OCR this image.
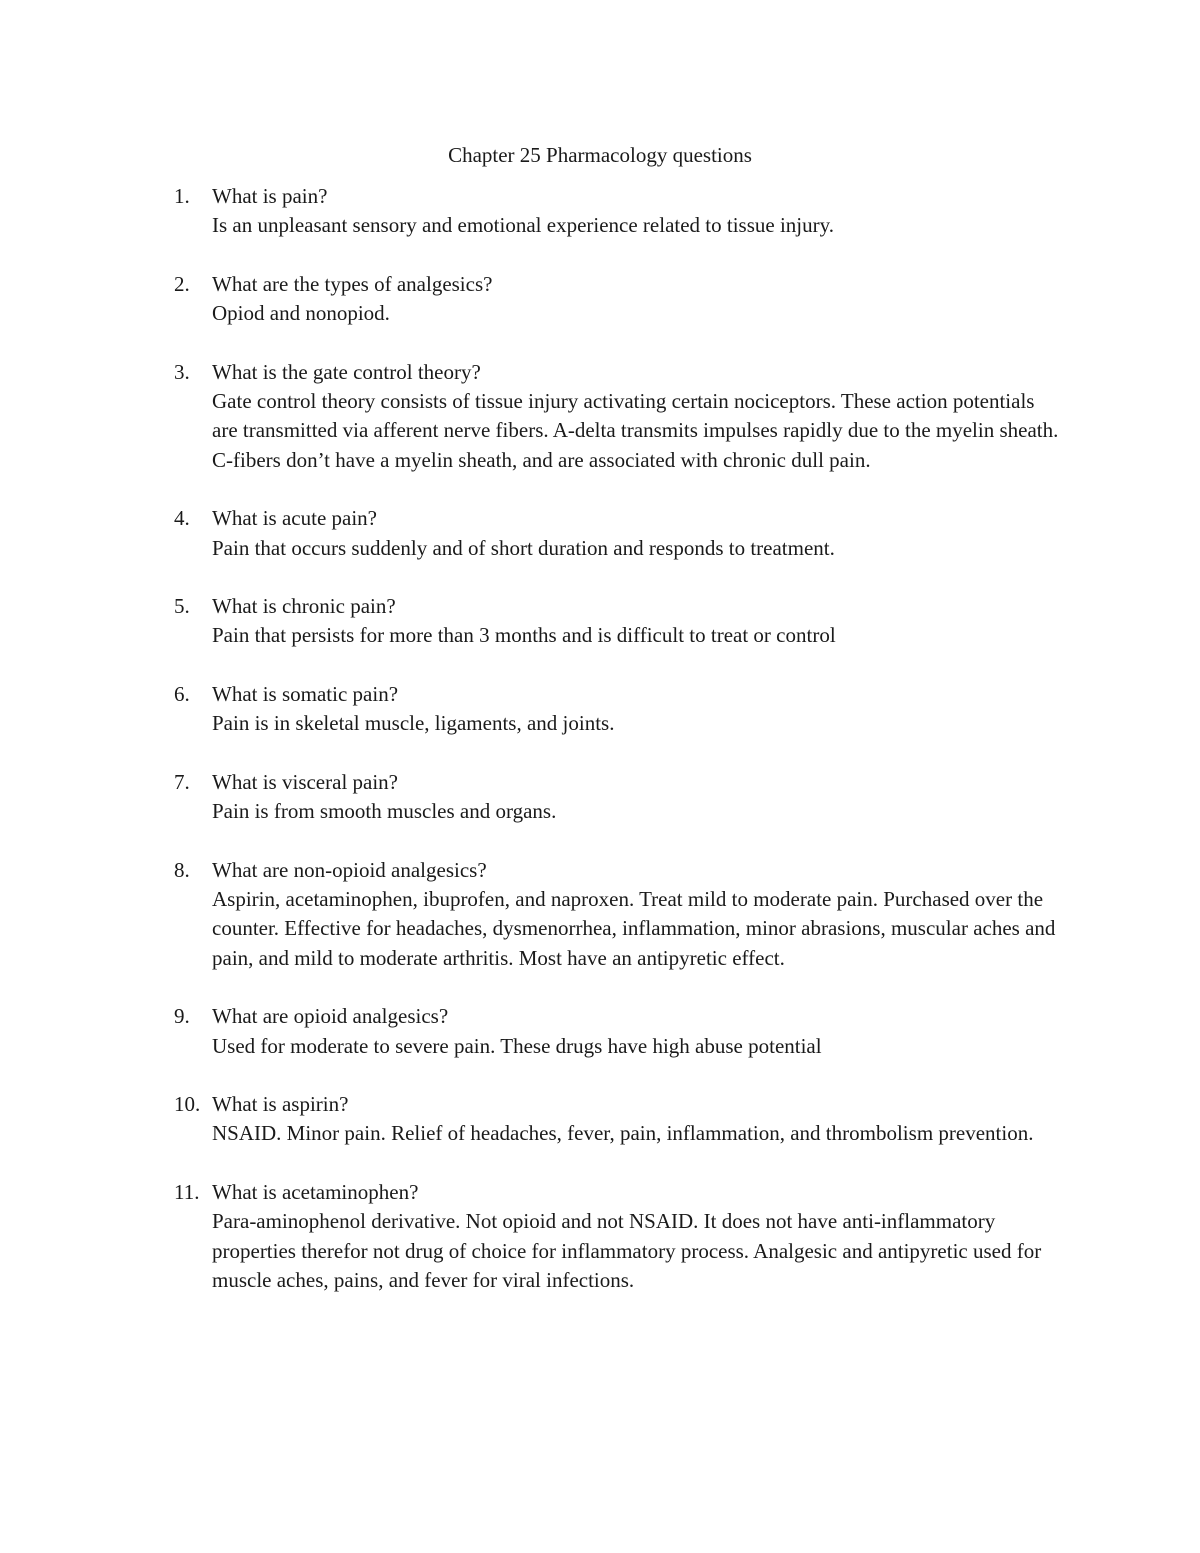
Chapter 25 Pharmacology questions
1. What is pain?
Is an unpleasant sensory and emotional experience related to tissue injury.
2. What are the types of analgesics?
Opiod and nonopiod.
3. What is the gate control theory?
Gate control theory consists of tissue injury activating certain nociceptors. These action potentials are transmitted via afferent nerve fibers. A-delta transmits impulses rapidly due to the myelin sheath. C-fibers don’t have a myelin sheath, and are associated with chronic dull pain.
4. What is acute pain?
Pain that occurs suddenly and of short duration and responds to treatment.
5. What is chronic pain?
Pain that persists for more than 3 months and is difficult to treat or control
6. What is somatic pain?
Pain is in skeletal muscle, ligaments, and joints.
7. What is visceral pain?
Pain is from smooth muscles and organs.
8. What are non-opioid analgesics?
Aspirin, acetaminophen, ibuprofen, and naproxen. Treat mild to moderate pain. Purchased over the counter. Effective for headaches, dysmenorrhea, inflammation, minor abrasions, muscular aches and pain, and mild to moderate arthritis. Most have an antipyretic effect.
9. What are opioid analgesics?
Used for moderate to severe pain. These drugs have high abuse potential
10. What is aspirin?
NSAID. Minor pain. Relief of headaches, fever, pain, inflammation, and thrombolism prevention.
11. What is acetaminophen?
Para-aminophenol derivative. Not opioid and not NSAID. It does not have anti-inflammatory properties therefor not drug of choice for inflammatory process. Analgesic and antipyretic used for muscle aches, pains, and fever for viral infections.
